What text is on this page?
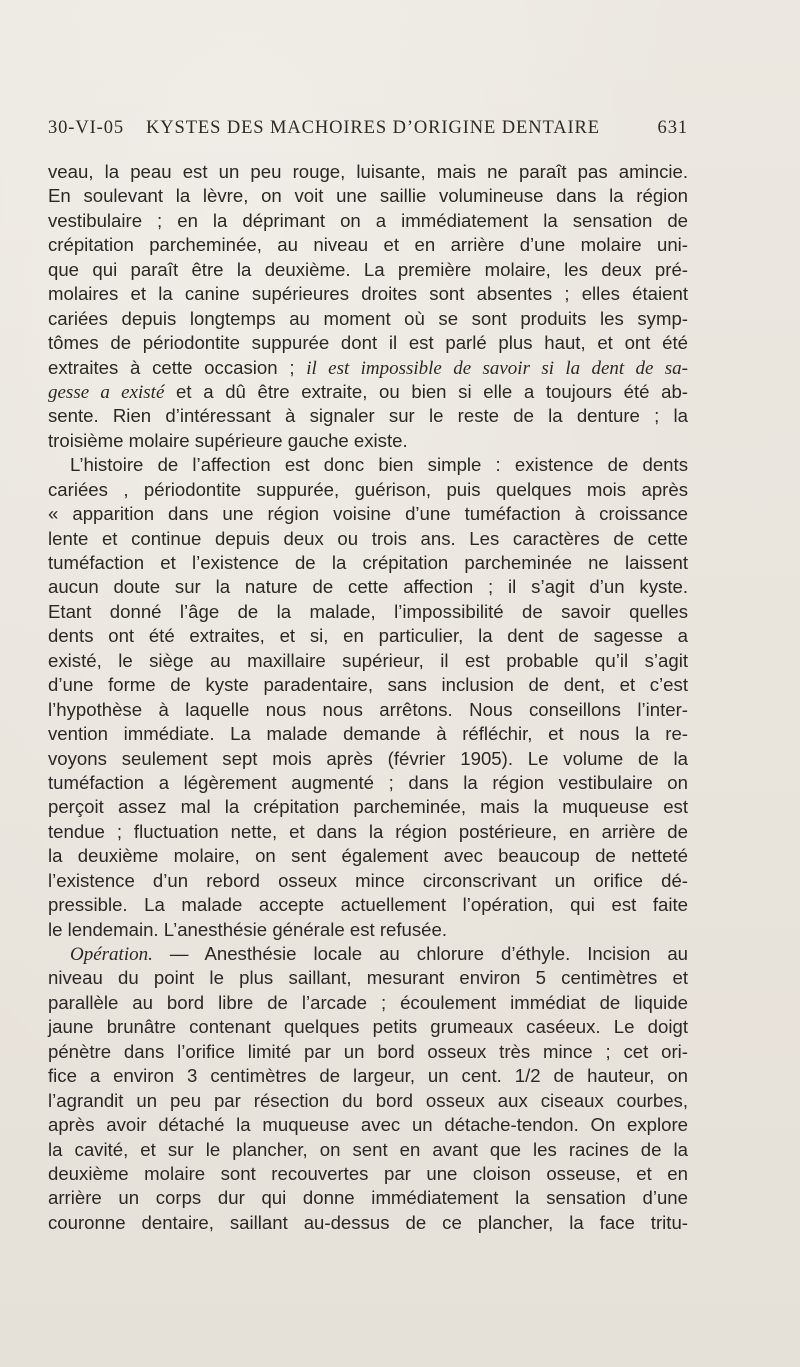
30-VI-05 KYSTES DES MACHOIRES D’ORIGINE DENTAIRE	631
veau, la peau est un peu rouge, luisante, mais ne paraît pas amincie.
En soulevant la lèvre, on voit une saillie volumineuse dans la région
vestibulaire ; en la déprimant on a immédiatement la sensation de
crépitation parcheminée, au niveau et en arrière d’une molaire uni-
que qui paraît être la deuxième. La première molaire, les deux pré-
molaires et la canine supérieures droites sont absentes ; elles étaient
cariées depuis longtemps au moment où se sont produits les symp-
tômes de périodontite suppurée dont il est parlé plus haut, et ont été
extraites à cette occasion ; il est impossible de savoir si la dent de sa-
gesse a existé et a dû être extraite, ou bien si elle a toujours été ab-
sente. Rien d’intéressant à signaler sur le reste de la denture ; la
troisième molaire supérieure gauche existe.
L’histoire de l’affection est donc bien simple : existence de dents
cariées , périodontite suppurée, guérison, puis quelques mois après
« apparition dans une région voisine d’une tuméfaction à croissance
lente et continue depuis deux ou trois ans. Les caractères de cette
tuméfaction et l’existence de la crépitation parcheminée ne laissent
aucun doute sur la nature de cette affection ; il s’agit d’un kyste.
Etant donné l’âge de la malade, l’impossibilité de savoir quelles
dents ont été extraites, et si, en particulier, la dent de sagesse a
existé, le siège au maxillaire supérieur, il est probable qu’il s’agit
d’une forme de kyste paradentaire, sans inclusion de dent, et c’est
l’hypothèse à laquelle nous nous arrêtons. Nous conseillons l’inter-
vention immédiate. La malade demande à réfléchir, et nous la re-
voyons seulement sept mois après (février 1905). Le volume de la
tuméfaction a légèrement augmenté ; dans la région vestibulaire on
perçoit assez mal la crépitation parcheminée, mais la muqueuse est
tendue ; fluctuation nette, et dans la région postérieure, en arrière de
la deuxième molaire, on sent également avec beaucoup de netteté
l’existence d’un rebord osseux mince circonscrivant un orifice dé-
pressible. La malade accepte actuellement l’opération, qui est faite
le lendemain. L’anesthésie générale est refusée.
Opération. — Anesthésie locale au chlorure d’éthyle. Incision au
niveau du point le plus saillant, mesurant environ 5 centimètres et
parallèle au bord libre de l’arcade ; écoulement immédiat de liquide
jaune brunâtre contenant quelques petits grumeaux caséeux. Le doigt
pénètre dans l’orifice limité par un bord osseux très mince ; cet ori-
fice a environ 3 centimètres de largeur, un cent. 1/2 de hauteur, on
l’agrandit un peu par résection du bord osseux aux ciseaux courbes,
après avoir détaché la muqueuse avec un détache-tendon. On explore
la cavité, et sur le plancher, on sent en avant que les racines de la
deuxième molaire sont recouvertes par une cloison osseuse, et en
arrière un corps dur qui donne immédiatement la sensation d’une
couronne dentaire, saillant au-dessus de ce plancher, la face tritu-
